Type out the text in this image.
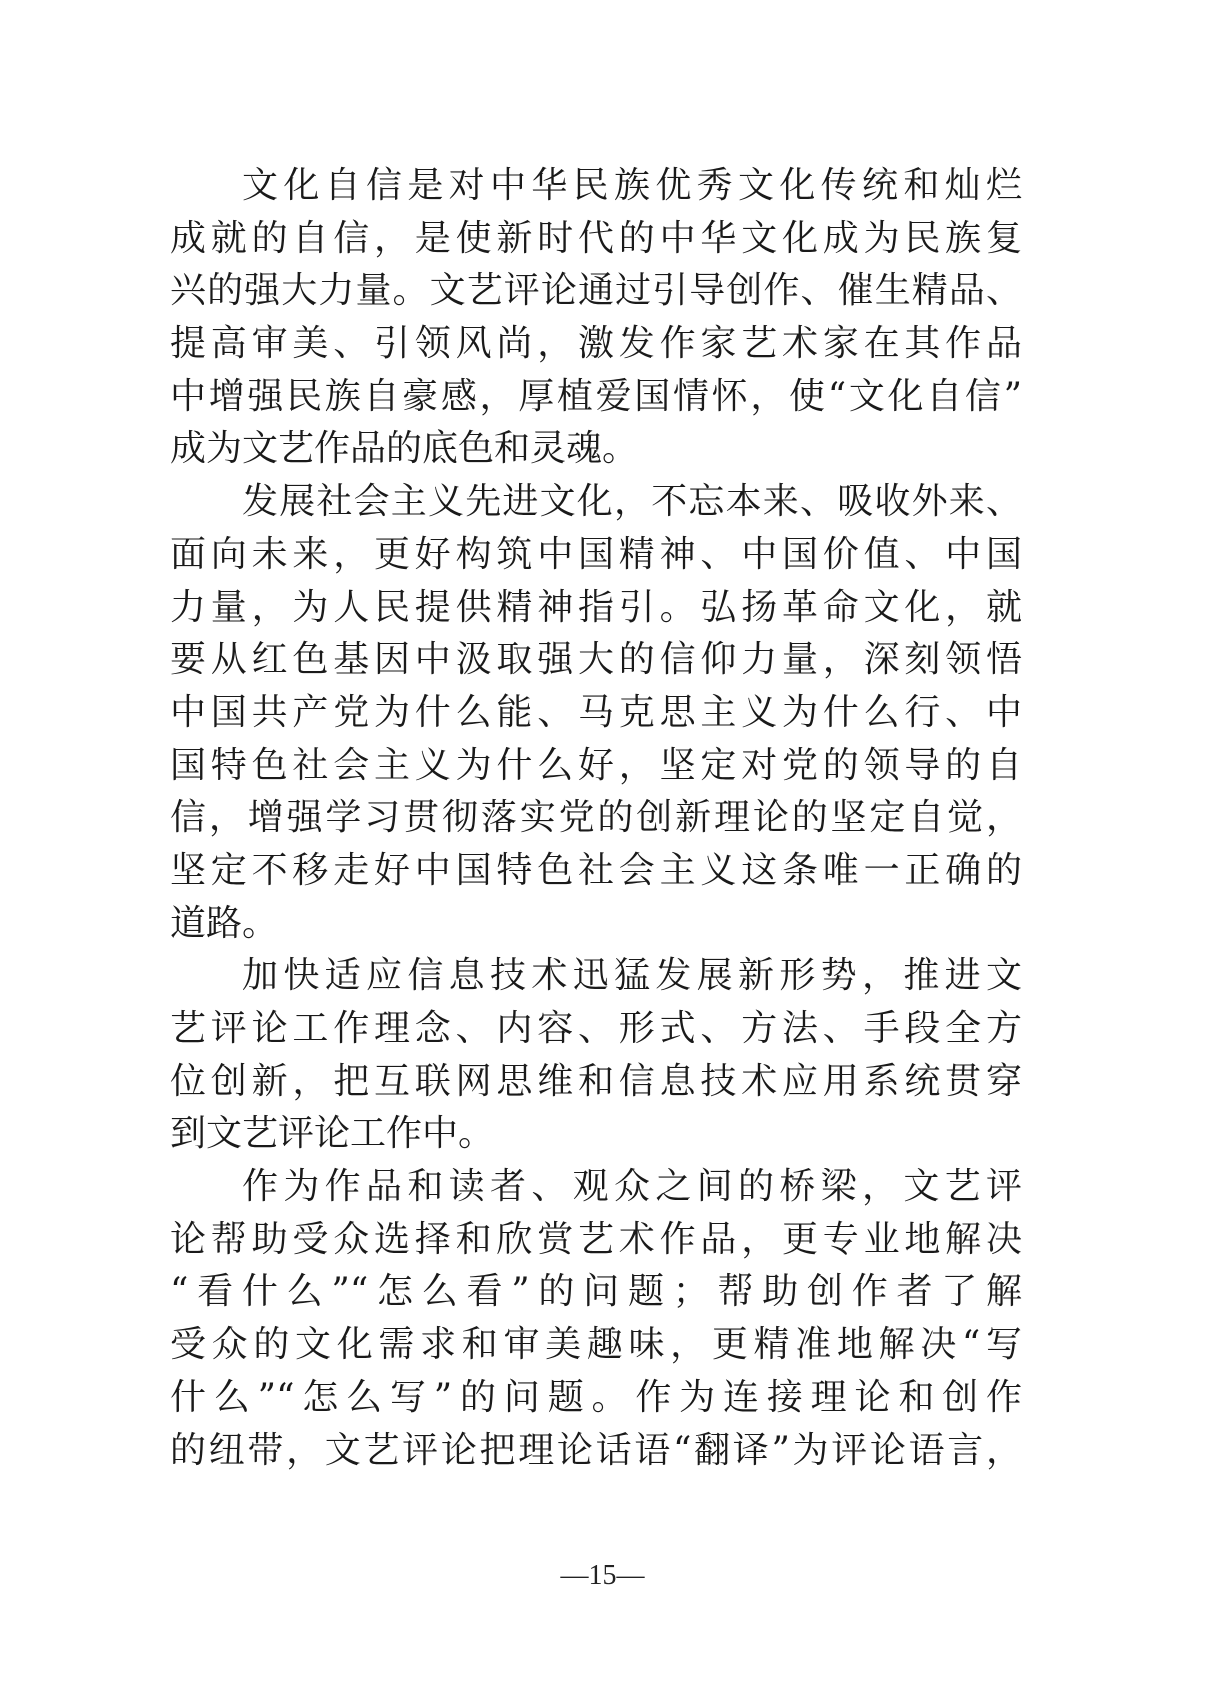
文化自信是对中华民族优秀文化传统和灿烂
成就的自信，是使新时代的中华文化成为民族复
兴的强大力量。文艺评论通过引导创作、催生精品、
提高审美、引领风尚，激发作家艺术家在其作品
中增强民族自豪感，厚植爱国情怀，使“文化自信”
成为文艺作品的底色和灵魂。
发展社会主义先进文化，不忘本来、吸收外来、
面向未来，更好构筑中国精神、中国价值、中国
力量，为人民提供精神指引。弘扬革命文化，就
要从红色基因中汲取强大的信仰力量，深刻领悟
中国共产党为什么能、马克思主义为什么行、中
国特色社会主义为什么好，坚定对党的领导的自
信，增强学习贯彻落实党的创新理论的坚定自觉，
坚定不移走好中国特色社会主义这条唯一正确的
道路。
加快适应信息技术迅猛发展新形势，推进文
艺评论工作理念、内容、形式、方法、手段全方
位创新，把互联网思维和信息技术应用系统贯穿
到文艺评论工作中。
作为作品和读者、观众之间的桥梁，文艺评
论帮助受众选择和欣赏艺术作品，更专业地解决
“看什么”“怎么看”的问题；帮助创作者了解
受众的文化需求和审美趣味，更精准地解决“写
什么”“怎么写”的问题。作为连接理论和创作
的纽带，文艺评论把理论话语“翻译”为评论语言，
—15—
